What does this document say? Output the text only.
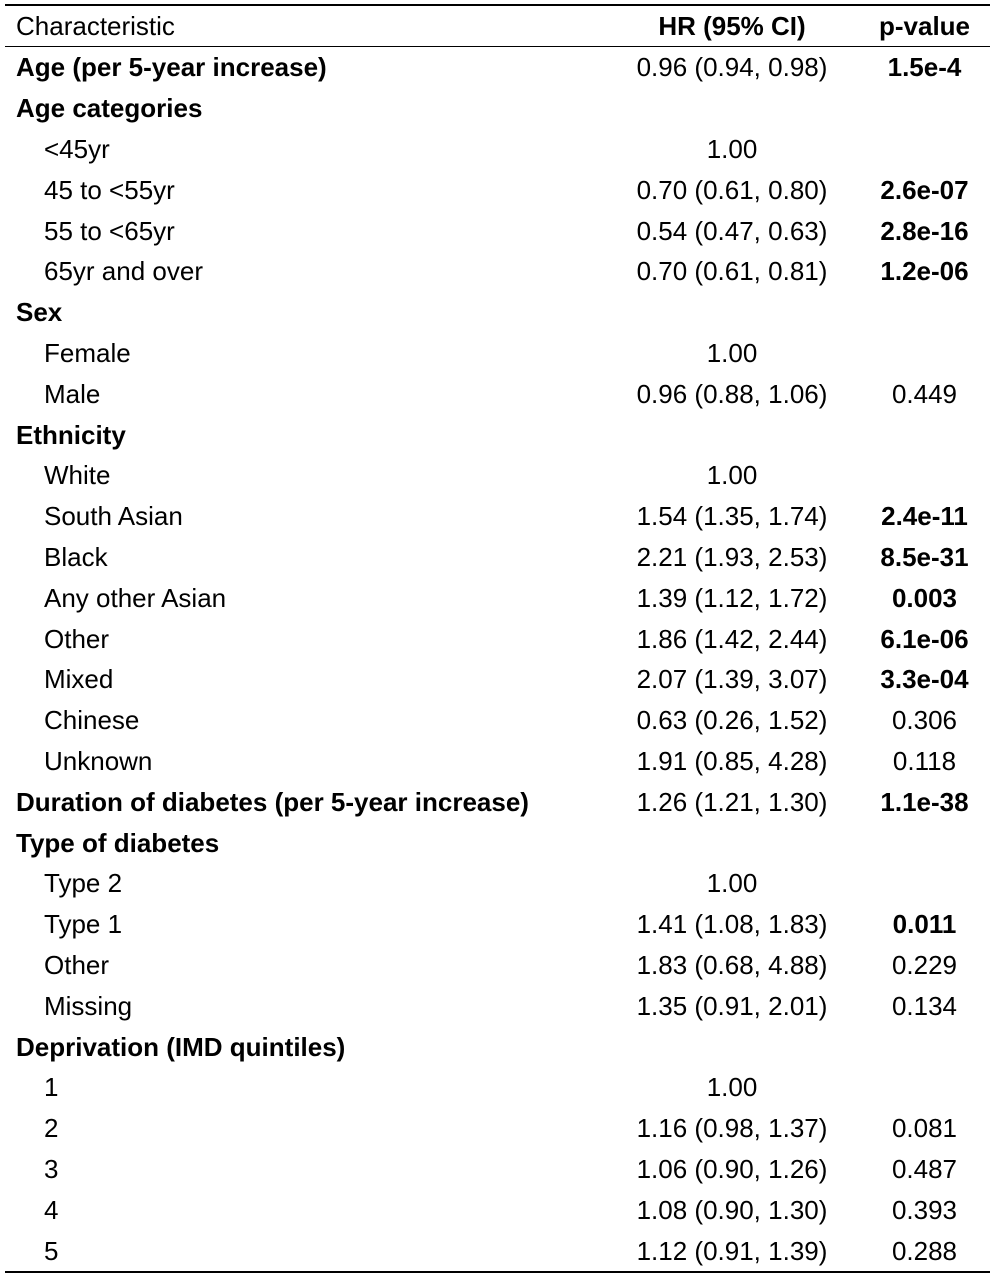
Characteristic	HR (95% CI)	p-value
Age (per 5-year increase)	0.96 (0.94, 0.98)	1.5e-4
Age categories
<45yr	1.00
45 to <55yr	0.70 (0.61, 0.80)	2.6e-07
55 to <65yr	0.54 (0.47, 0.63)	2.8e-16
65yr and over	0.70 (0.61, 0.81)	1.2e-06
Sex
Female	1.00
Male	0.96 (0.88, 1.06)	0.449
Ethnicity
White	1.00
South Asian	1.54 (1.35, 1.74)	2.4e-11
Black	2.21 (1.93, 2.53)	8.5e-31
Any other Asian	1.39 (1.12, 1.72)	0.003
Other	1.86 (1.42, 2.44)	6.1e-06
Mixed	2.07 (1.39, 3.07)	3.3e-04
Chinese	0.63 (0.26, 1.52)	0.306
Unknown	1.91 (0.85, 4.28)	0.118
Duration of diabetes (per 5-year increase)	1.26 (1.21, 1.30)	1.1e-38
Type of diabetes
Type 2	1.00
Type 1	1.41 (1.08, 1.83)	0.011
Other	1.83 (0.68, 4.88)	0.229
Missing	1.35 (0.91, 2.01)	0.134
Deprivation (IMD quintiles)
1	1.00
2	1.16 (0.98, 1.37)	0.081
3	1.06 (0.90, 1.26)	0.487
4	1.08 (0.90, 1.30)	0.393
5	1.12 (0.91, 1.39)	0.288
